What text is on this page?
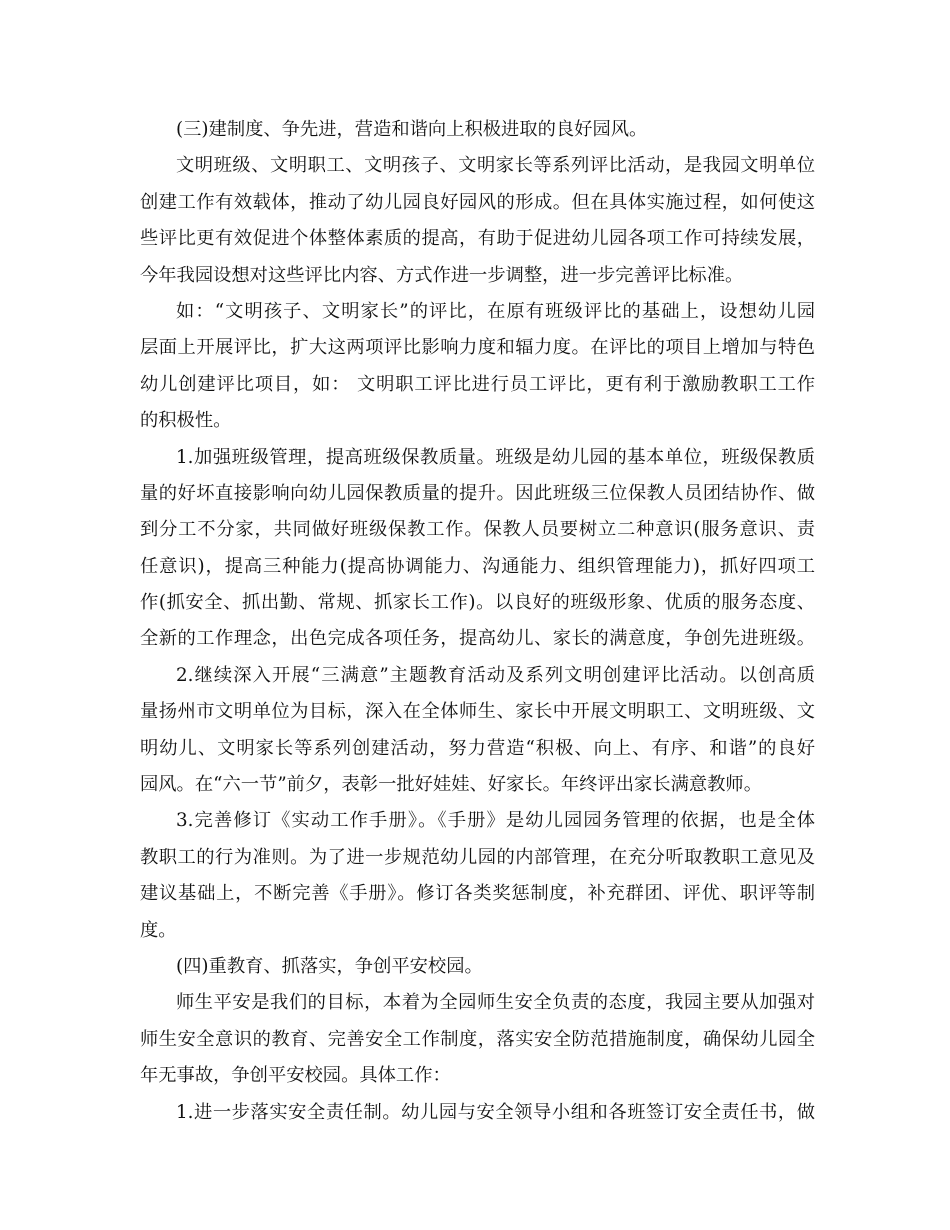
(三)建制度、争先进，营造和谐向上积极进取的良好园风。
文明班级、文明职工、文明孩子、文明家长等系列评比活动，是我园文明单位
创建工作有效载体，推动了幼儿园良好园风的形成。但在具体实施过程，如何使这
些评比更有效促进个体整体素质的提高，有助于促进幼儿园各项工作可持续发展，
今年我园设想对这些评比内容、方式作进一步调整，进一步完善评比标准。
如：“文明孩子、文明家长”的评比，在原有班级评比的基础上，设想幼儿园
层面上开展评比，扩大这两项评比影响力度和辐力度。在评比的项目上增加与特色
幼儿创建评比项目，如： 文明职工评比进行员工评比，更有利于激励教职工工作
的积极性。
1.加强班级管理，提高班级保教质量。班级是幼儿园的基本单位，班级保教质
量的好坏直接影响向幼儿园保教质量的提升。因此班级三位保教人员团结协作、做
到分工不分家，共同做好班级保教工作。保教人员要树立二种意识(服务意识、责
任意识)，提高三种能力(提高协调能力、沟通能力、组织管理能力)，抓好四项工
作(抓安全、抓出勤、常规、抓家长工作)。以良好的班级形象、优质的服务态度、
全新的工作理念，出色完成各项任务，提高幼儿、家长的满意度，争创先进班级。
2.继续深入开展“三满意”主题教育活动及系列文明创建评比活动。以创高质
量扬州市文明单位为目标，深入在全体师生、家长中开展文明职工、文明班级、文
明幼儿、文明家长等系列创建活动，努力营造“积极、向上、有序、和谐”的良好
园风。在“六一节”前夕，表彰一批好娃娃、好家长。年终评出家长满意教师。
3.完善修订《实动工作手册》。《手册》是幼儿园园务管理的依据，也是全体
教职工的行为准则。为了进一步规范幼儿园的内部管理，在充分听取教职工意见及
建议基础上，不断完善《手册》。修订各类奖惩制度，补充群团、评优、职评等制
度。
(四)重教育、抓落实，争创平安校园。
师生平安是我们的目标，本着为全园师生安全负责的态度，我园主要从加强对
师生安全意识的教育、完善安全工作制度，落实安全防范措施制度，确保幼儿园全
年无事故，争创平安校园。具体工作：
1.进一步落实安全责任制。幼儿园与安全领导小组和各班签订安全责任书，做
